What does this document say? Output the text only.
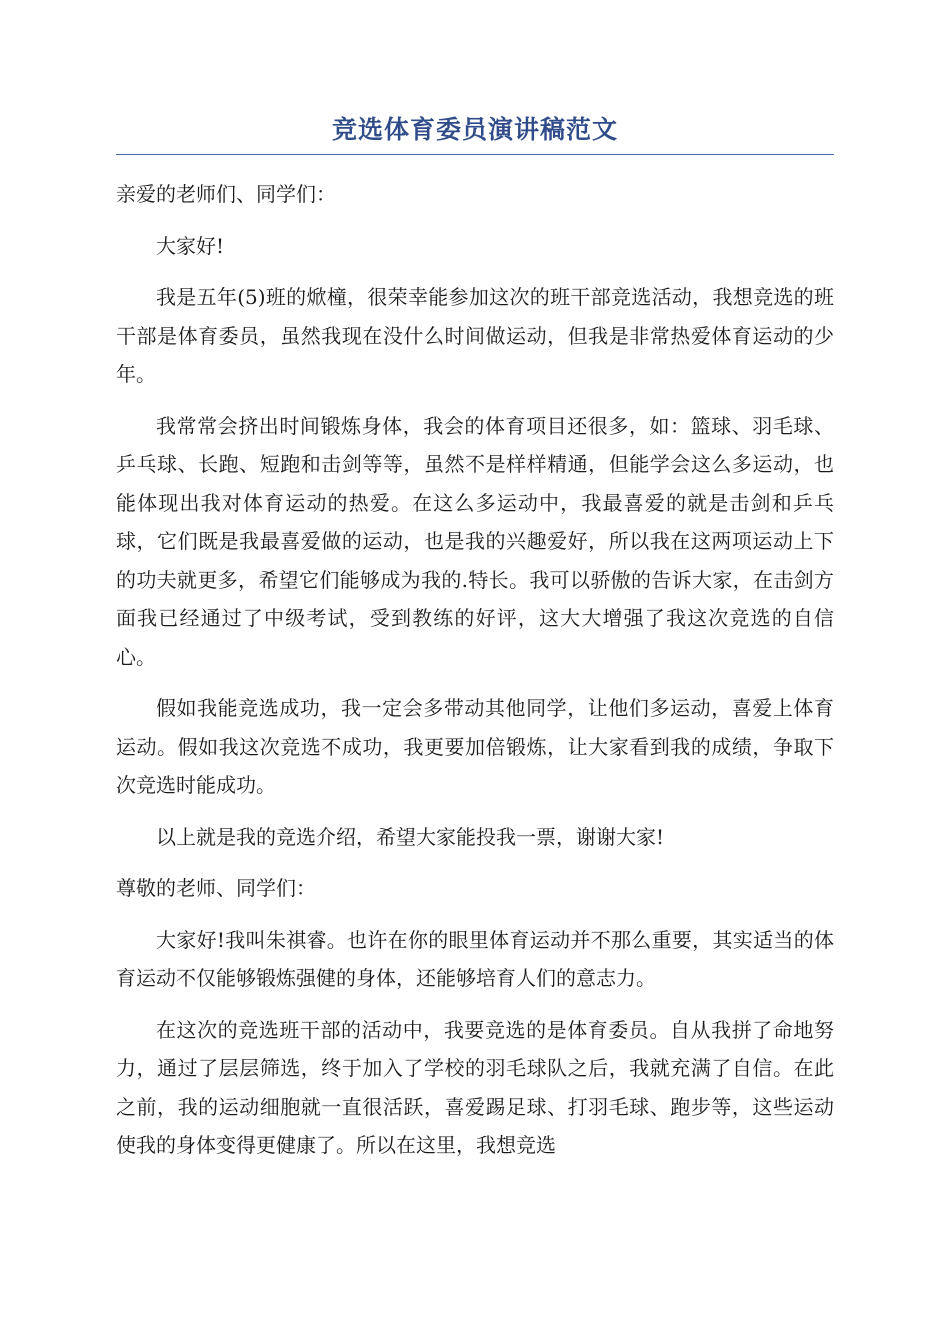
竞选体育委员演讲稿范文

亲爱的老师们、同学们：

大家好!

我是五年(5)班的焮橦，很荣幸能参加这次的班干部竞选活动，我想竞选的班干部是体育委员，虽然我现在没什么时间做运动，但我是非常热爱体育运动的少年。

我常常会挤出时间锻炼身体，我会的体育项目还很多，如：篮球、羽毛球、乒乓球、长跑、短跑和击剑等等，虽然不是样样精通，但能学会这么多运动，也能体现出我对体育运动的热爱。在这么多运动中，我最喜爱的就是击剑和乒乓球，它们既是我最喜爱做的运动，也是我的兴趣爱好，所以我在这两项运动上下的功夫就更多，希望它们能够成为我的.特长。我可以骄傲的告诉大家，在击剑方面我已经通过了中级考试，受到教练的好评，这大大增强了我这次竞选的自信心。

假如我能竞选成功，我一定会多带动其他同学，让他们多运动，喜爱上体育运动。假如我这次竞选不成功，我更要加倍锻炼，让大家看到我的成绩，争取下次竞选时能成功。

以上就是我的竞选介绍，希望大家能投我一票，谢谢大家!

尊敬的老师、同学们：

大家好!我叫朱祺睿。也许在你的眼里体育运动并不那么重要，其实适当的体育运动不仅能够锻炼强健的身体，还能够培育人们的意志力。

在这次的竞选班干部的活动中，我要竞选的是体育委员。自从我拼了命地努力，通过了层层筛选，终于加入了学校的羽毛球队之后，我就充满了自信。在此之前，我的运动细胞就一直很活跃，喜爱踢足球、打羽毛球、跑步等，这些运动使我的身体变得更健康了。所以在这里，我想竞选
